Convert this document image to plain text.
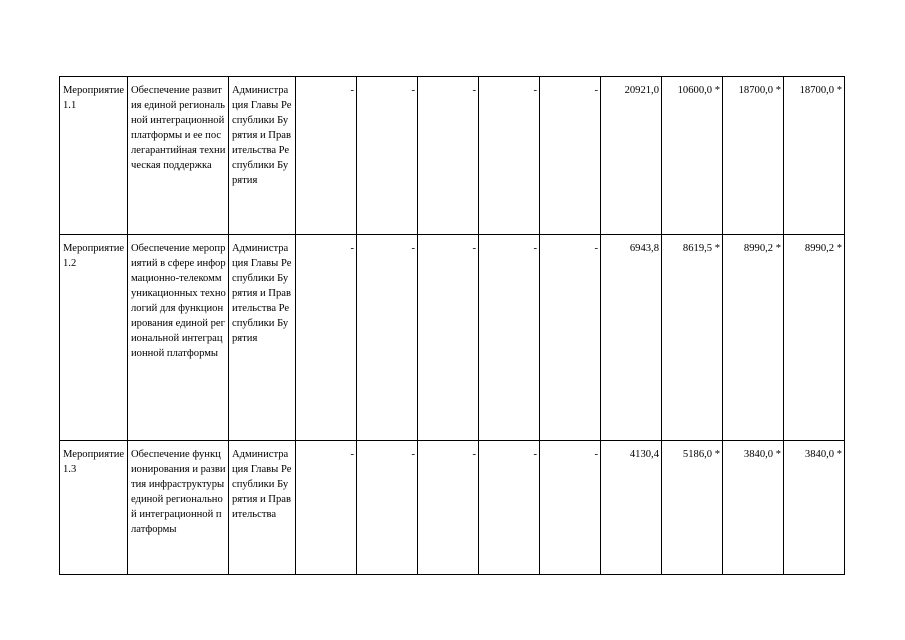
Мероприятие 1.1	Обеспечение развития единой региональной интеграционной платформы и ее послегарантийная техническая поддержка	Администрация Главы Республики Бурятия и Правительства Республики Бурятия	-	-	-	-	-	20921,0	10600,0 *	18700,0 *	18700,0 *
Мероприятие 1.2	Обеспечение мероприятий в сфере информационно-телекоммуникационных технологий для функционирования единой региональной интеграционной платформы	Администрация Главы Республики Бурятия и Правительства Республики Бурятия	-	-	-	-	-	6943,8	8619,5 *	8990,2 *	8990,2 *
Мероприятие 1.3	Обеспечение функционирования и развития инфраструктуры единой региональной интеграционной платформы	Администрация Главы Республики Бурятия и Правительства	-	-	-	-	-	4130,4	5186,0 *	3840,0 *	3840,0 *
